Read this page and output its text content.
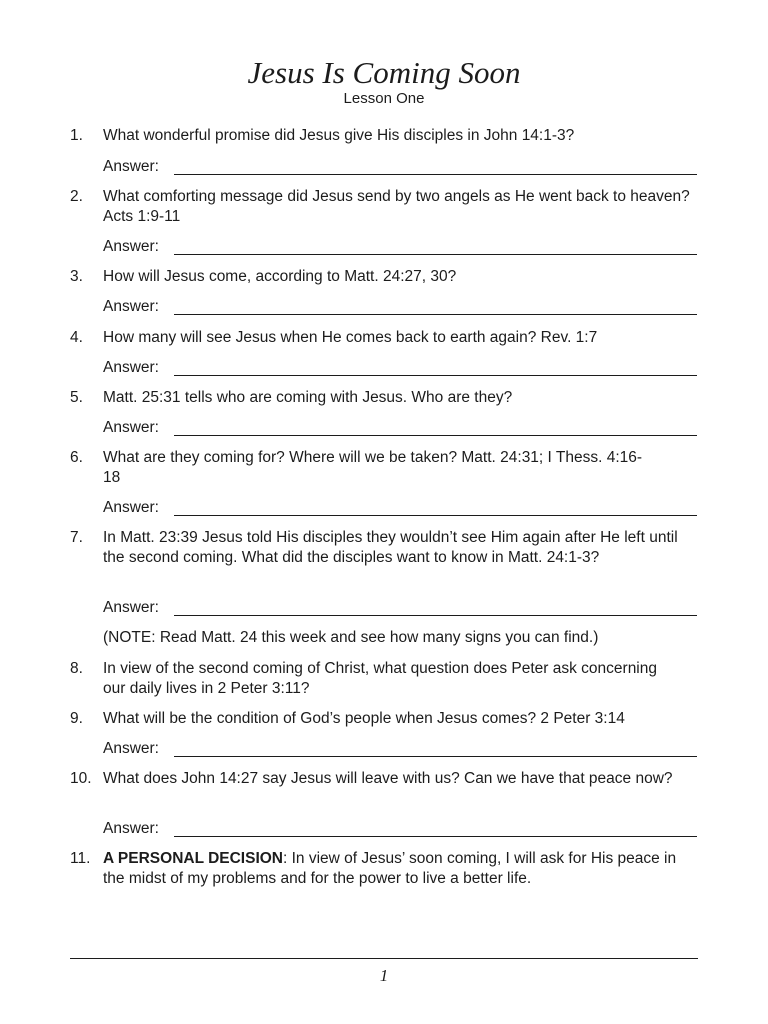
Jesus Is Coming Soon
Lesson One
1. What wonderful promise did Jesus give His disciples in John 14:1-3?
Answer:
2. What comforting message did Jesus send by two angels as He went back to heaven? Acts 1:9-11
Answer:
3. How will Jesus come, according to Matt. 24:27, 30?
Answer:
4. How many will see Jesus when He comes back to earth again? Rev. 1:7
Answer:
5. Matt. 25:31 tells who are coming with Jesus. Who are they?
Answer:
6. What are they coming for? Where will we be taken? Matt. 24:31; I Thess. 4:16-18
Answer:
7. In Matt. 23:39 Jesus told His disciples they wouldn’t see Him again after He left until the second coming. What did the disciples want to know in Matt. 24:1-3?
Answer:
(NOTE: Read Matt. 24 this week and see how many signs you can find.)
8. In view of the second coming of Christ, what question does Peter ask concerning our daily lives in 2 Peter 3:11?
9. What will be the condition of God’s people when Jesus comes? 2 Peter 3:14
Answer:
10. What does John 14:27 say Jesus will leave with us? Can we have that peace now?
Answer:
11. A PERSONAL DECISION: In view of Jesus’ soon coming, I will ask for His peace in the midst of my problems and for the power to live a better life.
1
